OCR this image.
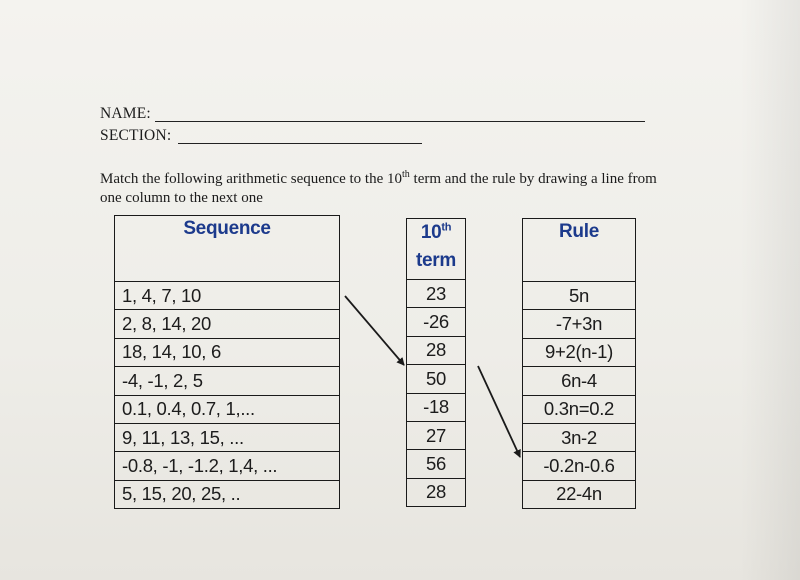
NAME:
SECTION:
Match the following arithmetic sequence to the 10th term and the rule by drawing a line from one column to the next one
Sequence
1, 4, 7, 10
2, 8, 14, 20
18, 14, 10, 6
-4, -1, 2, 5
0.1, 0.4, 0.7, 1,...
9, 11, 13, 15, ...
-0.8, -1, -1.2, 1,4, ...
5, 15, 20, 25, ..
10th
term
23
-26
28
50
-18
27
56
28
Rule
5n
-7+3n
9+2(n-1)
6n-4
0.3n=0.2
3n-2
-0.2n-0.6
22-4n
